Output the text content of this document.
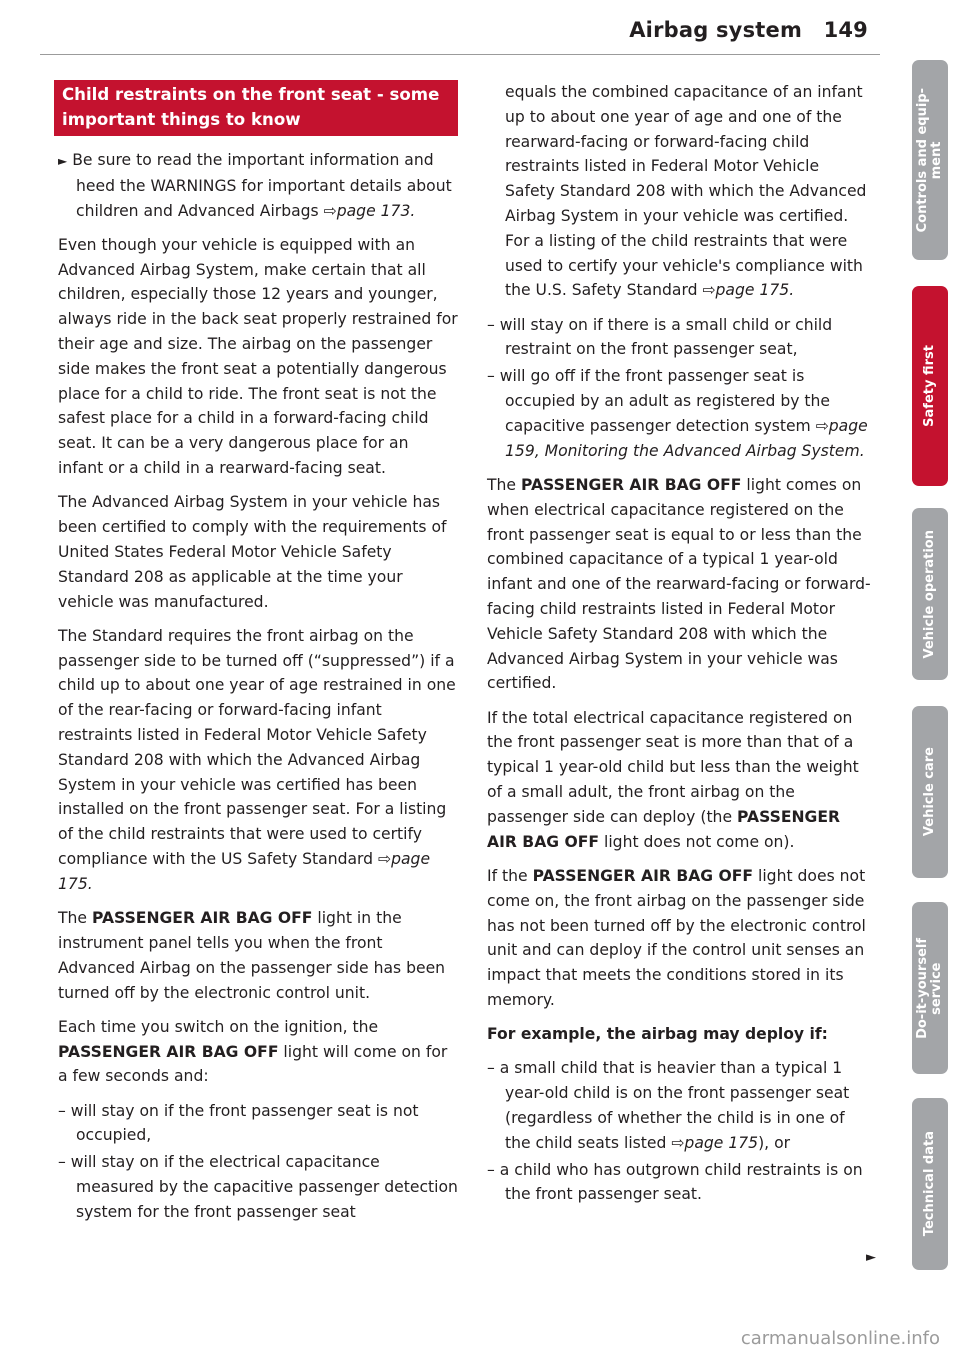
Airbag system 149
Child restraints on the front seat - some important things to know
► Be sure to read the important information and heed the WARNINGS for important details about children and Advanced Airbags ⇨page 173.

Even though your vehicle is equipped with an Advanced Airbag System, make certain that all children, especially those 12 years and younger, always ride in the back seat properly restrained for their age and size. The airbag on the passenger side makes the front seat a potentially dangerous place for a child to ride. The front seat is not the safest place for a child in a forward-facing child seat. It can be a very dangerous place for an infant or a child in a rearward-facing seat.

The Advanced Airbag System in your vehicle has been certified to comply with the requirements of United States Federal Motor Vehicle Safety Standard 208 as applicable at the time your vehicle was manufactured.

The Standard requires the front airbag on the passenger side to be turned off (“suppressed”) if a child up to about one year of age restrained in one of the rear-facing or forward-facing infant restraints listed in Federal Motor Vehicle Safety Standard 208 with which the Advanced Airbag System in your vehicle was certified has been installed on the front passenger seat. For a listing of the child restraints that were used to certify compliance with the US Safety Standard ⇨page 175.

The PASSENGER AIR BAG OFF light in the instrument panel tells you when the front Advanced Airbag on the passenger side has been turned off by the electronic control unit.

Each time you switch on the ignition, the PASSENGER AIR BAG OFF light will come on for a few seconds and:

– will stay on if the front passenger seat is not occupied,
– will stay on if the electrical capacitance measured by the capacitive passenger detection system for the front passenger seat

equals the combined capacitance of an infant up to about one year of age and one of the rearward-facing or forward-facing child restraints listed in Federal Motor Vehicle Safety Standard 208 with which the Advanced Airbag System in your vehicle was certified. For a listing of the child restraints that were used to certify your vehicle's compliance with the U.S. Safety Standard ⇨page 175.

– will stay on if there is a small child or child restraint on the front passenger seat,
– will go off if the front passenger seat is occupied by an adult as registered by the capacitive passenger detection system ⇨page 159, Monitoring the Advanced Airbag System.

The PASSENGER AIR BAG OFF light comes on when electrical capacitance registered on the front passenger seat is equal to or less than the combined capacitance of a typical 1 year-old infant and one of the rearward-facing or forward-facing child restraints listed in Federal Motor Vehicle Safety Standard 208 with which the Advanced Airbag System in your vehicle was certified.

If the total electrical capacitance registered on the front passenger seat is more than that of a typical 1 year-old child but less than the weight of a small adult, the front airbag on the passenger side can deploy (the PASSENGER AIR BAG OFF light does not come on).

If the PASSENGER AIR BAG OFF light does not come on, the front airbag on the passenger side has not been turned off by the electronic control unit and can deploy if the control unit senses an impact that meets the conditions stored in its memory.

For example, the airbag may deploy if:
– a small child that is heavier than a typical 1 year-old child is on the front passenger seat (regardless of whether the child is in one of the child seats listed ⇨page 175), or
– a child who has outgrown child restraints is on the front passenger seat.
►
Controls and equip-
ment
Safety first
Vehicle operation
Vehicle care
Do-it-yourself
service
Technical data
carmanualsonline.info
